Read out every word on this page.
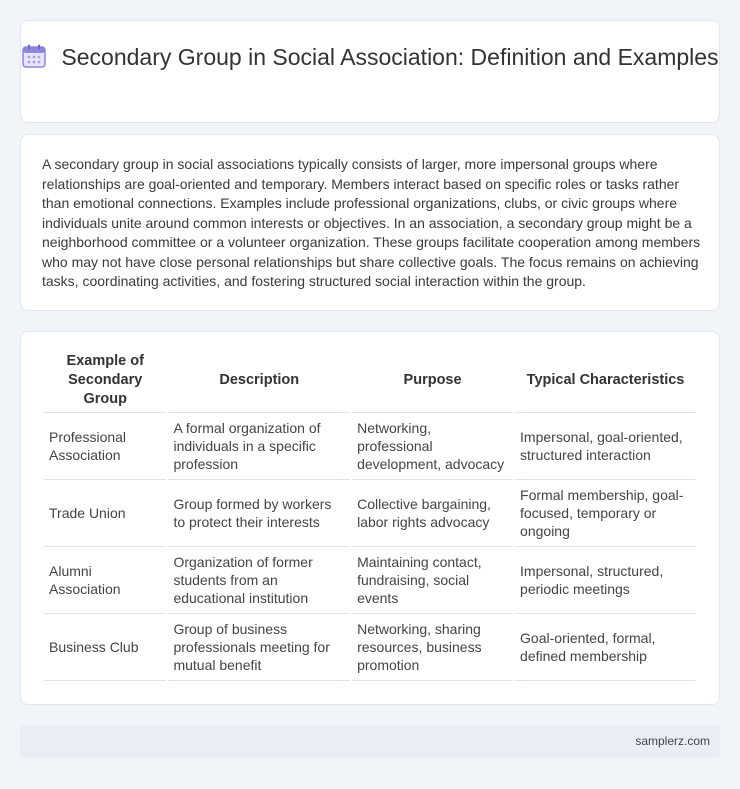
Secondary Group in Social Association: Definition and Examples

A secondary group in social associations typically consists of larger, more impersonal groups where relationships are goal-oriented and temporary. Members interact based on specific roles or tasks rather than emotional connections. Examples include professional organizations, clubs, or civic groups where individuals unite around common interests or objectives. In an association, a secondary group might be a neighborhood committee or a volunteer organization. These groups facilitate cooperation among members who may not have close personal relationships but share collective goals. The focus remains on achieving tasks, coordinating activities, and fostering structured social interaction within the group.

Example of Secondary Group	Description	Purpose	Typical Characteristics
Professional Association	A formal organization of individuals in a specific profession	Networking, professional development, advocacy	Impersonal, goal-oriented, structured interaction
Trade Union	Group formed by workers to protect their interests	Collective bargaining, labor rights advocacy	Formal membership, goal-focused, temporary or ongoing
Alumni Association	Organization of former students from an educational institution	Maintaining contact, fundraising, social events	Impersonal, structured, periodic meetings
Business Club	Group of business professionals meeting for mutual benefit	Networking, sharing resources, business promotion	Goal-oriented, formal, defined membership
samplerz.com
